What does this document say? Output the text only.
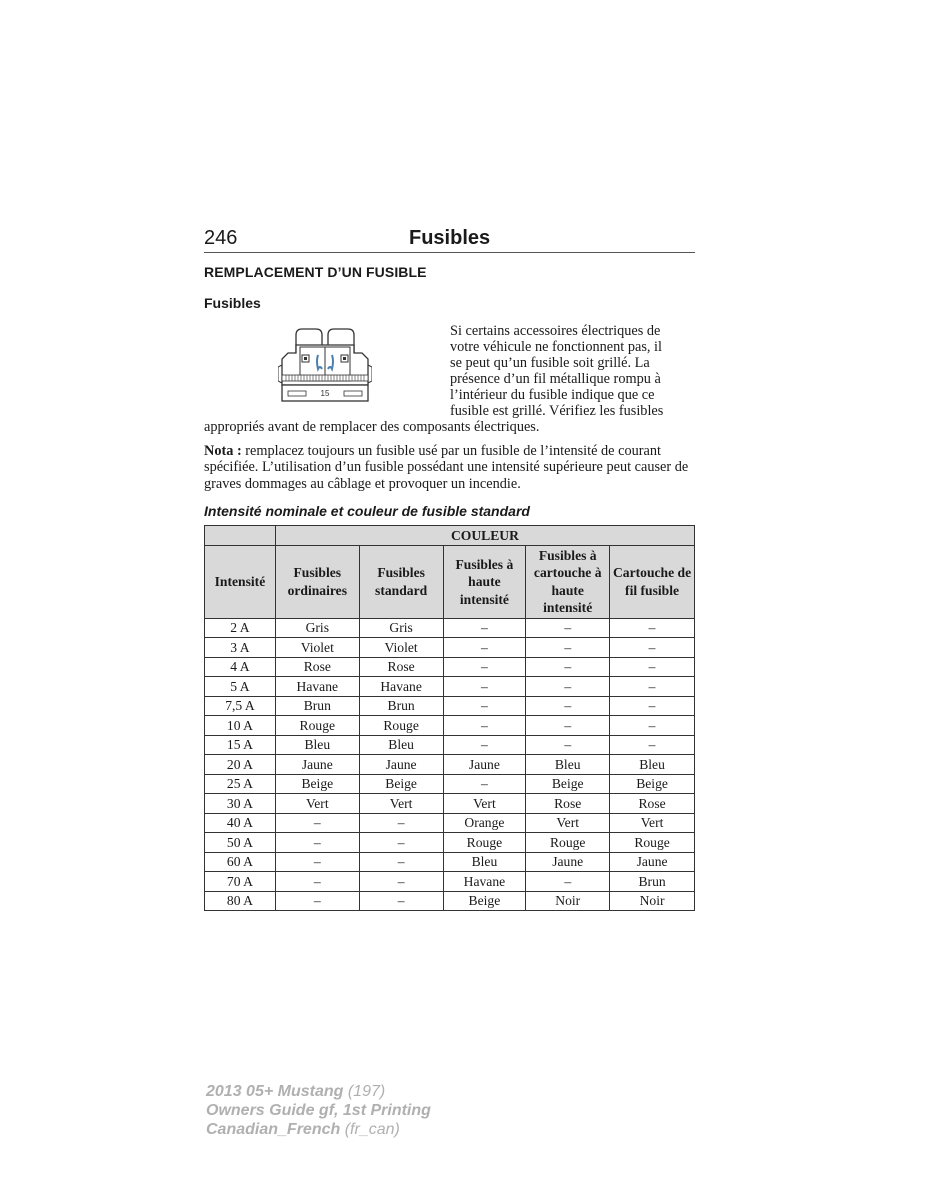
246	Fusibles
REMPLACEMENT D’UN FUSIBLE
Fusibles
15
Si certains accessoires électriques de
votre véhicule ne fonctionnent pas, il
se peut qu’un fusible soit grillé. La
présence d’un fil métallique rompu à
l’intérieur du fusible indique que ce
fusible est grillé. Vérifiez les fusibles
appropriés avant de remplacer des composants électriques.
Nota : remplacez toujours un fusible usé par un fusible de l’intensité de courant spécifiée. L’utilisation d’un fusible possédant une intensité supérieure peut causer de graves dommages au câblage et provoquer un incendie.
Intensité nominale et couleur de fusible standard
	COULEUR				
Intensité	Fusibles ordinaires	Fusibles standard	Fusibles à haute intensité	Fusibles à cartouche à haute intensité	Cartouche de fil fusible
2 A	Gris	Gris	–	–	–
3 A	Violet	Violet	–	–	–
4 A	Rose	Rose	–	–	–
5 A	Havane	Havane	–	–	–
7,5 A	Brun	Brun	–	–	–
10 A	Rouge	Rouge	–	–	–
15 A	Bleu	Bleu	–	–	–
20 A	Jaune	Jaune	Jaune	Bleu	Bleu
25 A	Beige	Beige	–	Beige	Beige
30 A	Vert	Vert	Vert	Rose	Rose
40 A	–	–	Orange	Vert	Vert
50 A	–	–	Rouge	Rouge	Rouge
60 A	–	–	Bleu	Jaune	Jaune
70 A	–	–	Havane	–	Brun
80 A	–	–	Beige	Noir	Noir
2013 05+ Mustang (197)
Owners Guide gf, 1st Printing
Canadian_French (fr_can)
